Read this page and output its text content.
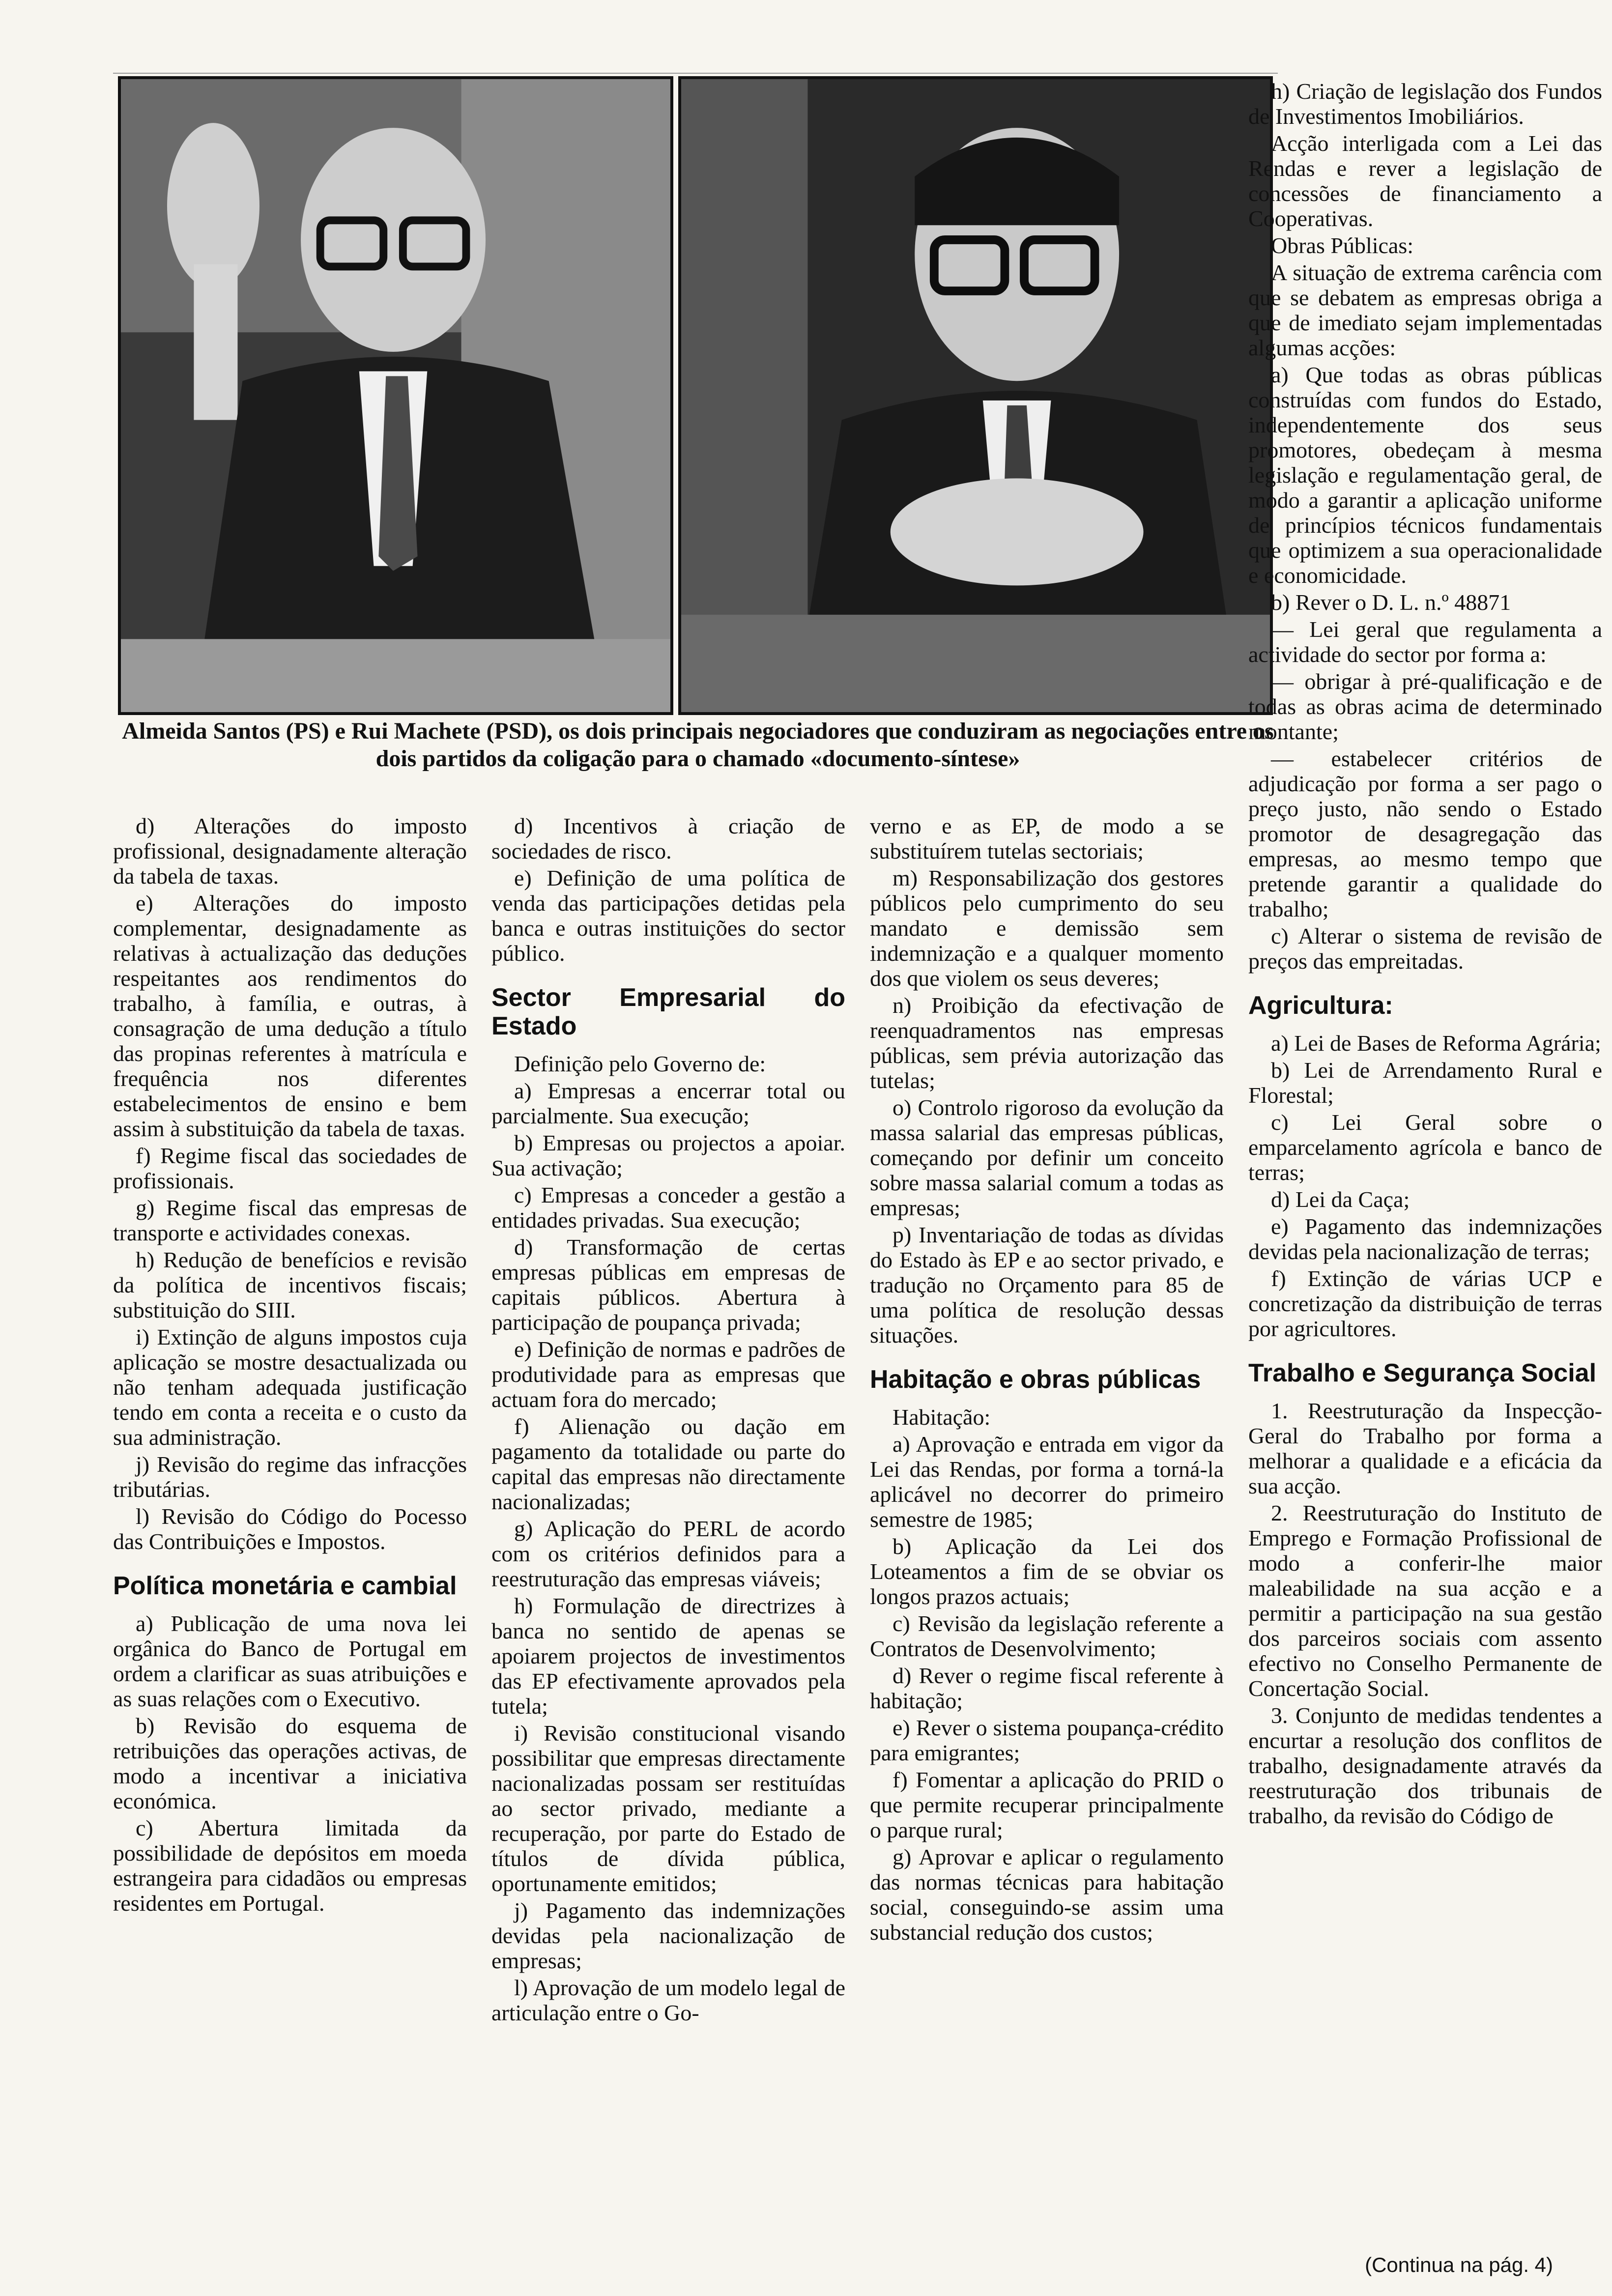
Almeida Santos (PS) e Rui Machete (PSD), os dois principais negociadores que conduziram as negociações entre os dois partidos da coligação para o chamado «documento-síntese»

d) Alterações do imposto profissional, designadamente alteração da tabela de taxas.

e) Alterações do imposto complementar, designadamente as relativas à actualização das deduções respeitantes aos rendimentos do trabalho, à família, e outras, à consagração de uma dedução a título das propinas referentes à matrícula e frequência nos diferentes estabelecimentos de ensino e bem assim à substituição da tabela de taxas.

f) Regime fiscal das sociedades de profissionais.

g) Regime fiscal das empresas de transporte e actividades conexas.

h) Redução de benefícios e revisão da política de incentivos fiscais; substituição do SIII.

i) Extinção de alguns impostos cuja aplicação se mostre desactualizada ou não tenham adequada justificação tendo em conta a receita e o custo da sua administração.

j) Revisão do regime das infracções tributárias.

l) Revisão do Código do Pocesso das Contribuições e Impostos.

Política monetária e cambial

a) Publicação de uma nova lei orgânica do Banco de Portugal em ordem a clarificar as suas atribuições e as suas relações com o Executivo.

b) Revisão do esquema de retribuições das operações activas, de modo a incentivar a iniciativa económica.

c) Abertura limitada da possibilidade de depósitos em moeda estrangeira para cidadãos ou empresas residentes em Portugal.

d) Incentivos à criação de sociedades de risco.

e) Definição de uma política de venda das participações detidas pela banca e outras instituições do sector público.

Sector Empresarial do Estado

Definição pelo Governo de:

a) Empresas a encerrar total ou parcialmente. Sua execução;

b) Empresas ou projectos a apoiar. Sua activação;

c) Empresas a conceder a gestão a entidades privadas. Sua execução;

d) Transformação de certas empresas públicas em empresas de capitais públicos. Abertura à participação de poupança privada;

e) Definição de normas e padrões de produtividade para as empresas que actuam fora do mercado;

f) Alienação ou dação em pagamento da totalidade ou parte do capital das empresas não directamente nacionalizadas;

g) Aplicação do PERL de acordo com os critérios definidos para a reestruturação das empresas viáveis;

h) Formulação de directrizes à banca no sentido de apenas se apoiarem projectos de investimentos das EP efectivamente aprovados pela tutela;

i) Revisão constitucional visando possibilitar que empresas directamente nacionalizadas possam ser restituídas ao sector privado, mediante a recuperação, por parte do Estado de títulos de dívida pública, oportunamente emitidos;

j) Pagamento das indemnizações devidas pela nacionalização de empresas;

l) Aprovação de um modelo legal de articulação entre o Go-

verno e as EP, de modo a se substituírem tutelas sectoriais;

m) Responsabilização dos gestores públicos pelo cumprimento do seu mandato e demissão sem indemnização e a qualquer momento dos que violem os seus deveres;

n) Proibição da efectivação de reenquadramentos nas empresas públicas, sem prévia autorização das tutelas;

o) Controlo rigoroso da evolução da massa salarial das empresas públicas, começando por definir um conceito sobre massa salarial comum a todas as empresas;

p) Inventariação de todas as dívidas do Estado às EP e ao sector privado, e tradução no Orçamento para 85 de uma política de resolução dessas situações.

Habitação e obras públicas

Habitação:

a) Aprovação e entrada em vigor da Lei das Rendas, por forma a torná-la aplicável no decorrer do primeiro semestre de 1985;

b) Aplicação da Lei dos Loteamentos a fim de se obviar os longos prazos actuais;

c) Revisão da legislação referente a Contratos de Desenvolvimento;

d) Rever o regime fiscal referente à habitação;

e) Rever o sistema poupança-crédito para emigrantes;

f) Fomentar a aplicação do PRID o que permite recuperar principalmente o parque rural;

g) Aprovar e aplicar o regulamento das normas técnicas para habitação social, conseguindo-se assim uma substancial redução dos custos;

h) Criação de legislação dos Fundos de Investimentos Imobiliários.

Acção interligada com a Lei das Rendas e rever a legislação de concessões de financiamento a Cooperativas.

Obras Públicas:

A situação de extrema carência com que se debatem as empresas obriga a que de imediato sejam implementadas algumas acções:

a) Que todas as obras públicas construídas com fundos do Estado, independentemente dos seus promotores, obedeçam à mesma legislação e regulamentação geral, de modo a garantir a aplicação uniforme de princípios técnicos fundamentais que optimizem a sua operacionalidade e economicidade.

b) Rever o D. L. n.º 48871

— Lei geral que regulamenta a actividade do sector por forma a:

— obrigar à pré-qualificação e de todas as obras acima de determinado montante;

— estabelecer critérios de adjudicação por forma a ser pago o preço justo, não sendo o Estado promotor de desagregação das empresas, ao mesmo tempo que pretende garantir a qualidade do trabalho;

c) Alterar o sistema de revisão de preços das empreitadas.

Agricultura:

a) Lei de Bases de Reforma Agrária;

b) Lei de Arrendamento Rural e Florestal;

c) Lei Geral sobre o emparcelamento agrícola e banco de terras;

d) Lei da Caça;

e) Pagamento das indemnizações devidas pela nacionalização de terras;

f) Extinção de várias UCP e concretização da distribuição de terras por agricultores.

Trabalho e Segurança Social

1. Reestruturação da Inspecção-Geral do Trabalho por forma a melhorar a qualidade e a eficácia da sua acção.

2. Reestruturação do Instituto de Emprego e Formação Profissional de modo a conferir-lhe maior maleabilidade na sua acção e a permitir a participação na sua gestão dos parceiros sociais com assento efectivo no Conselho Permanente de Concertação Social.

3. Conjunto de medidas tendentes a encurtar a resolução dos conflitos de trabalho, designadamente através da reestruturação dos tribunais de trabalho, da revisão do Código de

(Continua na pág. 4)
